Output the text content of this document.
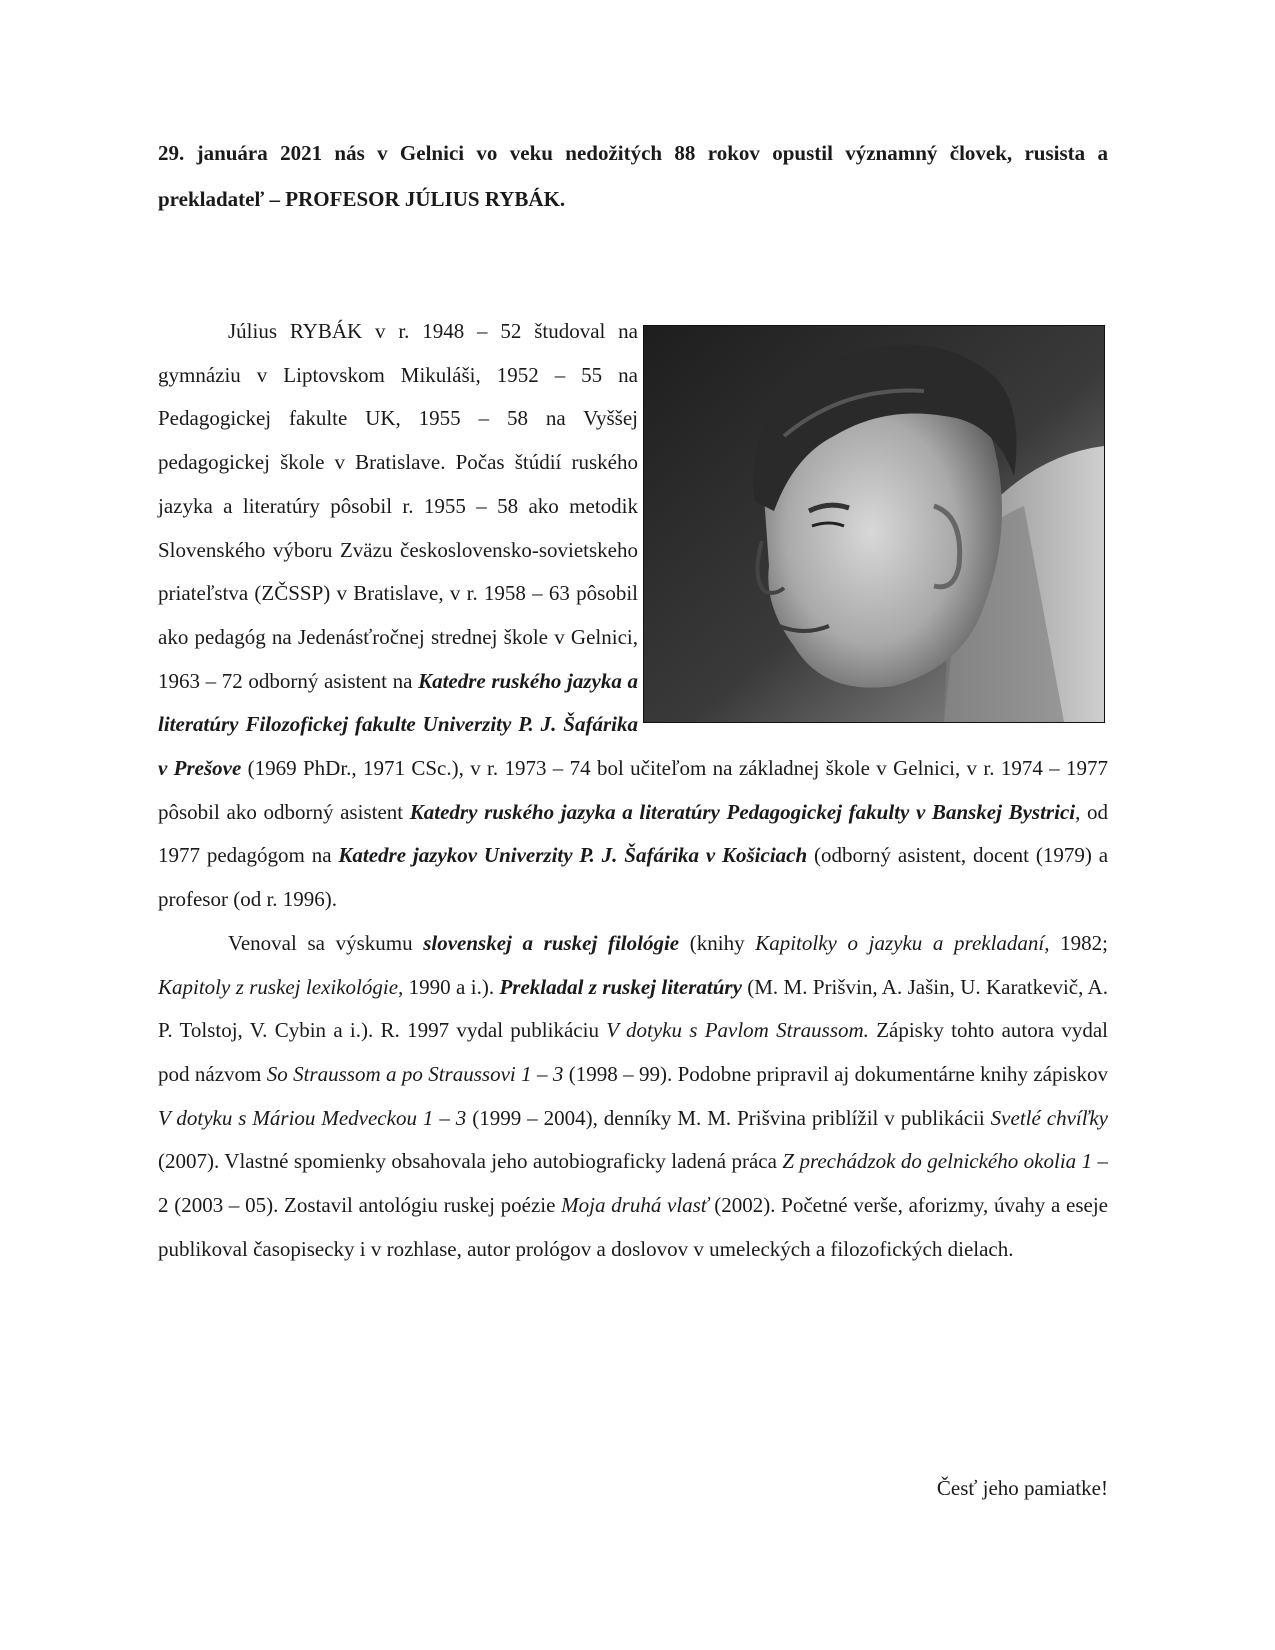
29. januára 2021 nás v Gelnici vo veku nedožitých 88 rokov opustil významný človek, rusista a prekladateľ – PROFESOR JÚLIUS RYBÁK.

Július RYBÁK v r. 1948 – 52 študoval na gymnáziu v Liptovskom Mikuláši, 1952 – 55 na Pedagogickej fakulte UK, 1955 – 58 na Vyššej pedagogickej škole v Bratislave. Počas štúdií ruského jazyka a literatúry pôsobil r. 1955 – 58 ako metodik Slovenského výboru Zväzu československo-sovietskeho priateľstva (ZČSSP) v Bratislave, v r. 1958 – 63 pôsobil ako pedagóg na Jedenásťročnej strednej škole v Gelnici, 1963 – 72 odborný asistent na Katedre ruského jazyka a literatúry Filozofickej fakulte Univerzity P. J. Šafárika v Prešove (1969 PhDr., 1971 CSc.), v r. 1973 – 74 bol učiteľom na základnej škole v Gelnici, v r. 1974 – 1977 pôsobil ako odborný asistent Katedry ruského jazyka a literatúry Pedagogickej fakulty v Banskej Bystrici, od 1977 pedagógom na Katedre jazykov Univerzity P. J. Šafárika v Košiciach (odborný asistent, docent (1979) a profesor (od r. 1996).

Venoval sa výskumu slovenskej a ruskej filológie (knihy Kapitolky o jazyku a prekladaní, 1982; Kapitoly z ruskej lexikológie, 1990 a i.). Prekladal z ruskej literatúry (M. M. Prišvin, A. Jašin, U. Karatkevič, A. P. Tolstoj, V. Cybin a i.). R. 1997 vydal publikáciu V dotyku s Pavlom Straussom. Zápisky tohto autora vydal pod názvom So Straussom a po Straussovi 1 – 3 (1998 – 99). Podobne pripravil aj dokumentárne knihy zápiskov V dotyku s Máriou Medveckou 1 – 3 (1999 – 2004), denníky M. M. Prišvina priblížil v publikácii Svetlé chvíľky (2007). Vlastné spomienky obsahovala jeho autobiograficky ladená práca Z prechádzok do gelnického okolia 1 – 2 (2003 – 05). Zostavil antológiu ruskej poézie Moja druhá vlasť (2002). Početné verše, aforizmy, úvahy a eseje publikoval časopisecky i v rozhlase, autor prológov a doslovov v umeleckých a filozofických dielach.

Česť jeho pamiatke!
